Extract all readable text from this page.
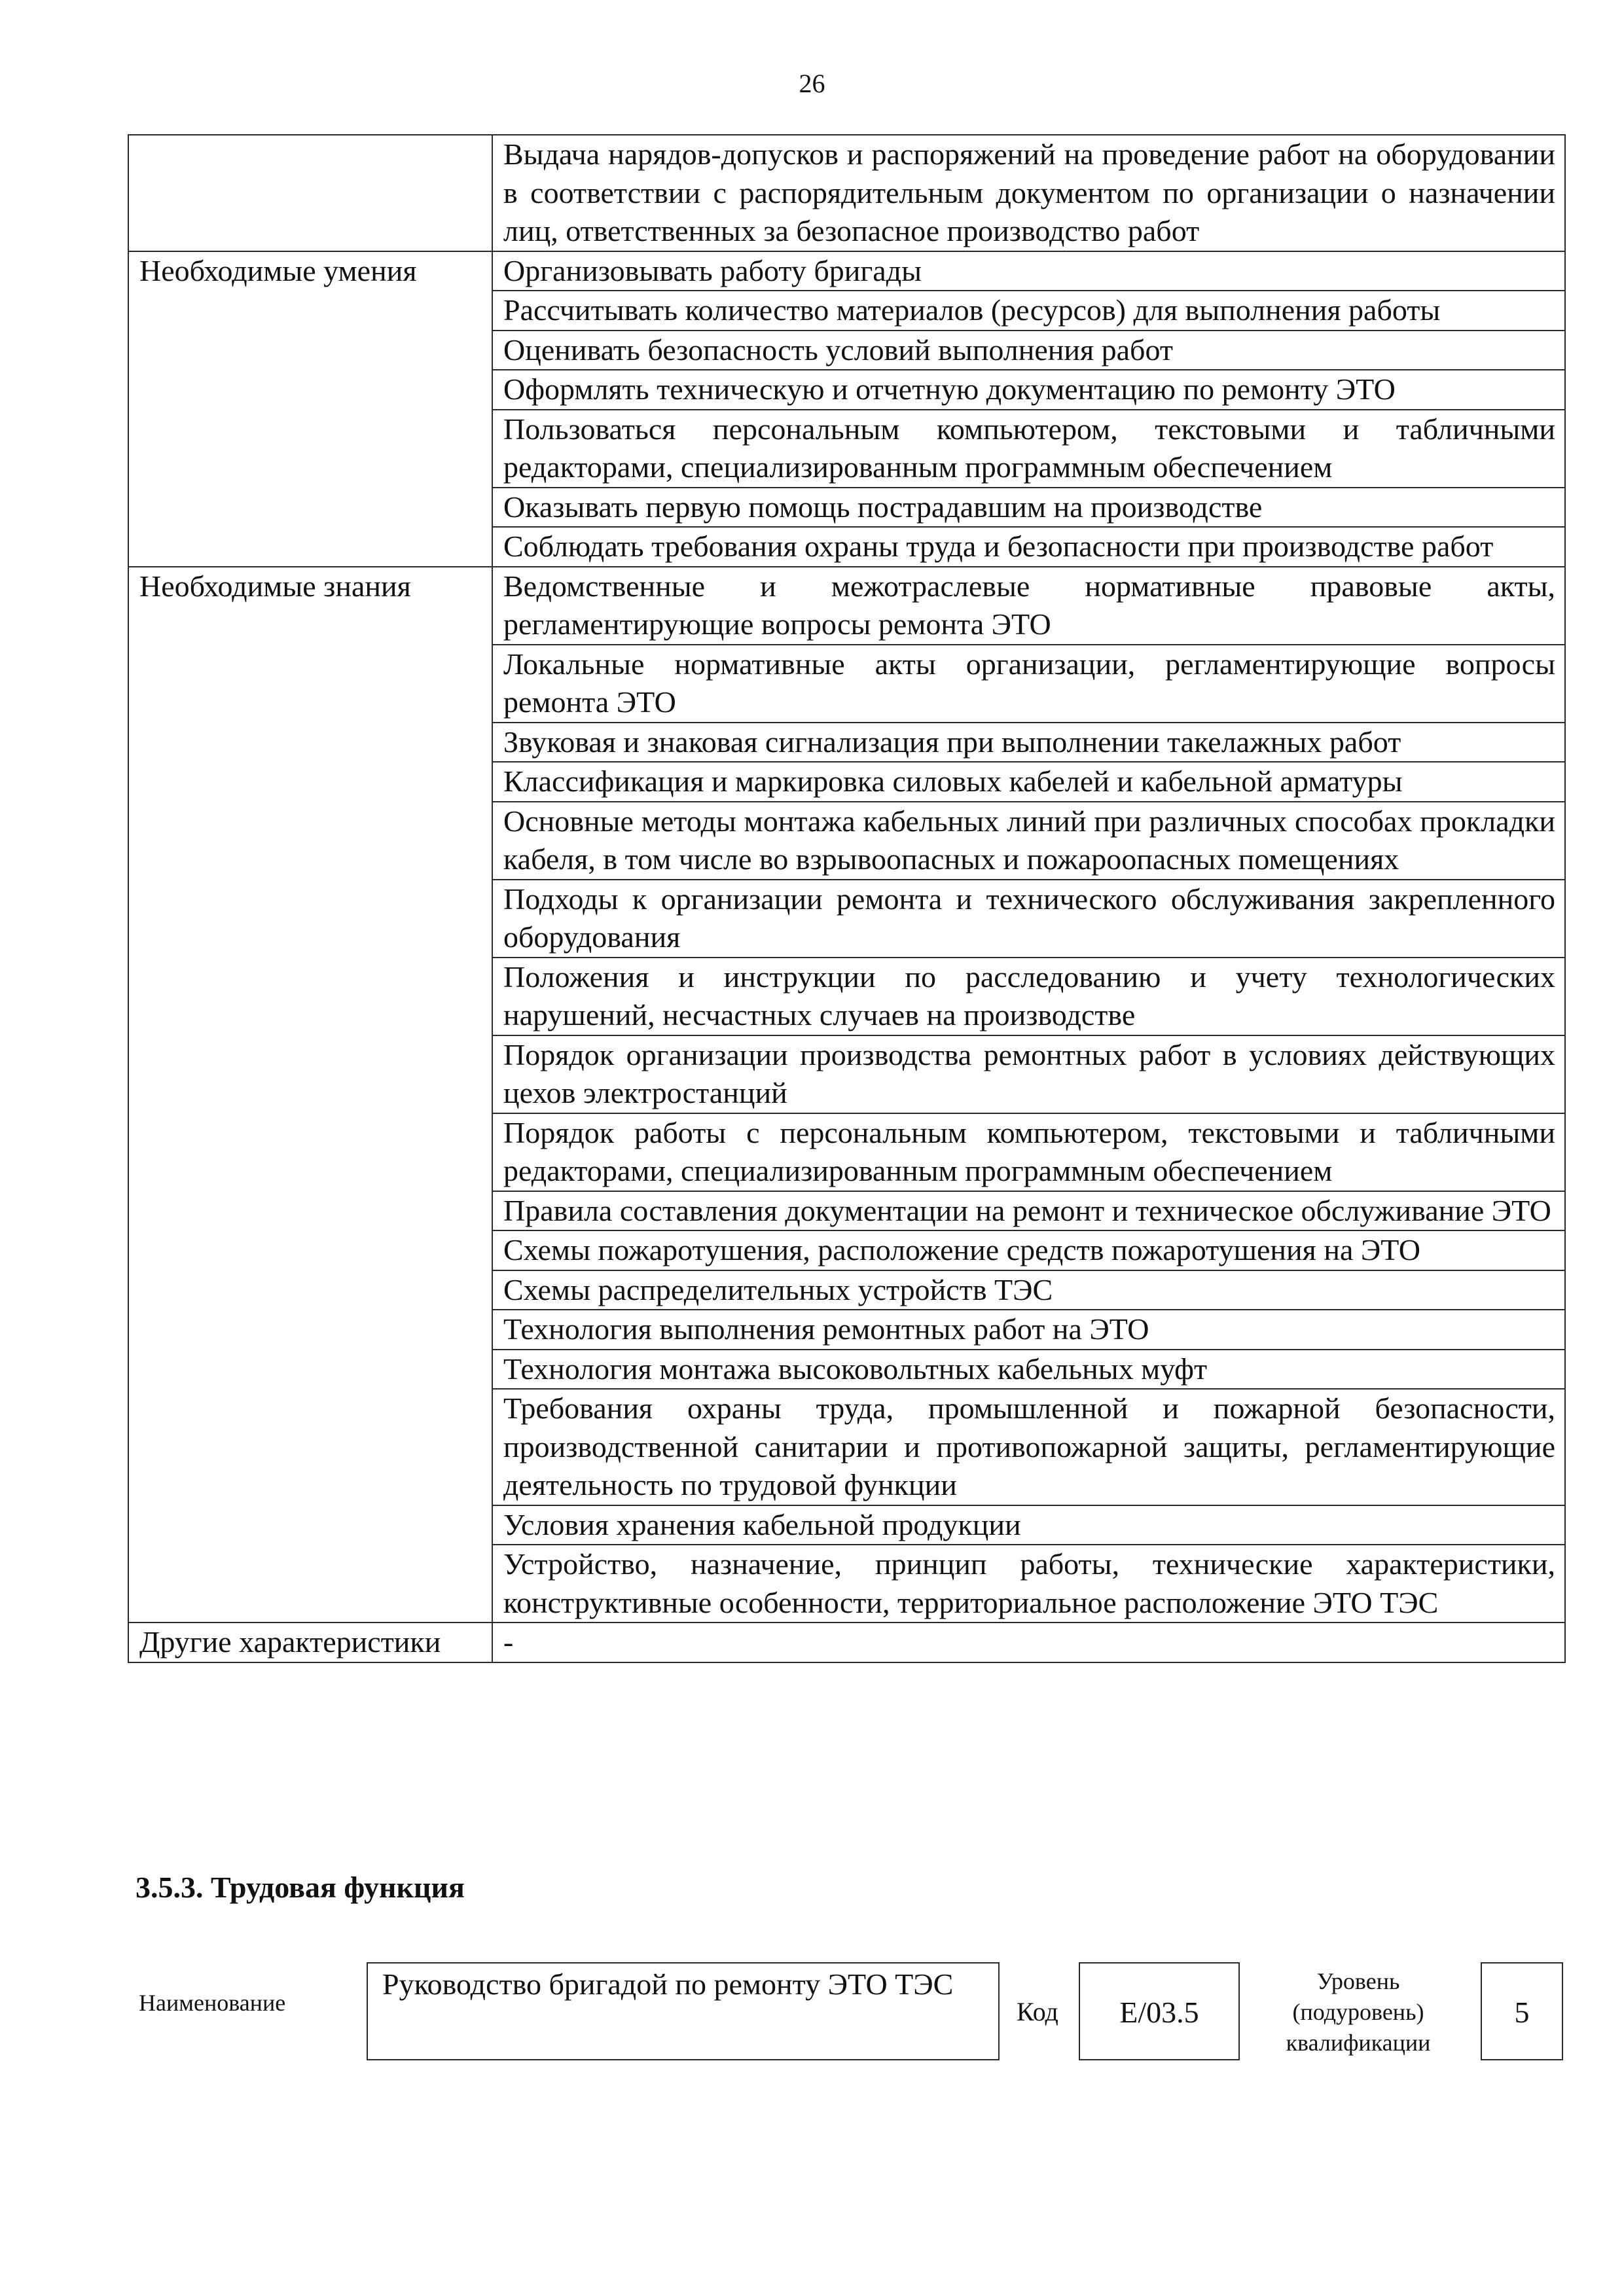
26
	Выдача нарядов-допусков и распоряжений на проведение работ на оборудовании в соответствии с распорядительным документом по организации о назначении лиц, ответственных за безопасное производство работ
Необходимые умения	Организовывать работу бригады
	Рассчитывать количество материалов (ресурсов) для выполнения работы
	Оценивать безопасность условий выполнения работ
	Оформлять техническую и отчетную документацию по ремонту ЭТО
	Пользоваться персональным компьютером, текстовыми и табличными редакторами, специализированным программным обеспечением
	Оказывать первую помощь пострадавшим на производстве
	Соблюдать требования охраны труда и безопасности при производстве работ
Необходимые знания	Ведомственные и межотраслевые нормативные правовые акты, регламентирующие вопросы ремонта ЭТО
	Локальные нормативные акты организации, регламентирующие вопросы ремонта ЭТО
	Звуковая и знаковая сигнализация при выполнении такелажных работ
	Классификация и маркировка силовых кабелей и кабельной арматуры
	Основные методы монтажа кабельных линий при различных способах прокладки кабеля, в том числе во взрывоопасных и пожароопасных помещениях
	Подходы к организации ремонта и технического обслуживания закрепленного оборудования
	Положения и инструкции по расследованию и учету технологических нарушений, несчастных случаев на производстве
	Порядок организации производства ремонтных работ в условиях действующих цехов электростанций
	Порядок работы с персональным компьютером, текстовыми и табличными редакторами, специализированным программным обеспечением
	Правила составления документации на ремонт и техническое обслуживание ЭТО
	Схемы пожаротушения, расположение средств пожаротушения на ЭТО
	Схемы распределительных устройств ТЭС
	Технология выполнения ремонтных работ на ЭТО
	Технология монтажа высоковольтных кабельных муфт
	Требования охраны труда, промышленной и пожарной безопасности, производственной санитарии и противопожарной защиты, регламентирующие деятельность по трудовой функции
	Условия хранения кабельной продукции
	Устройство, назначение, принцип работы, технические характеристики, конструктивные особенности, территориальное расположение ЭТО ТЭС
Другие характеристики	-
3.5.3. Трудовая функция
Наименование
Руководство бригадой по ремонту ЭТО ТЭС
Код	E/03.5
Уровень
(подуровень)
квалификации
5
